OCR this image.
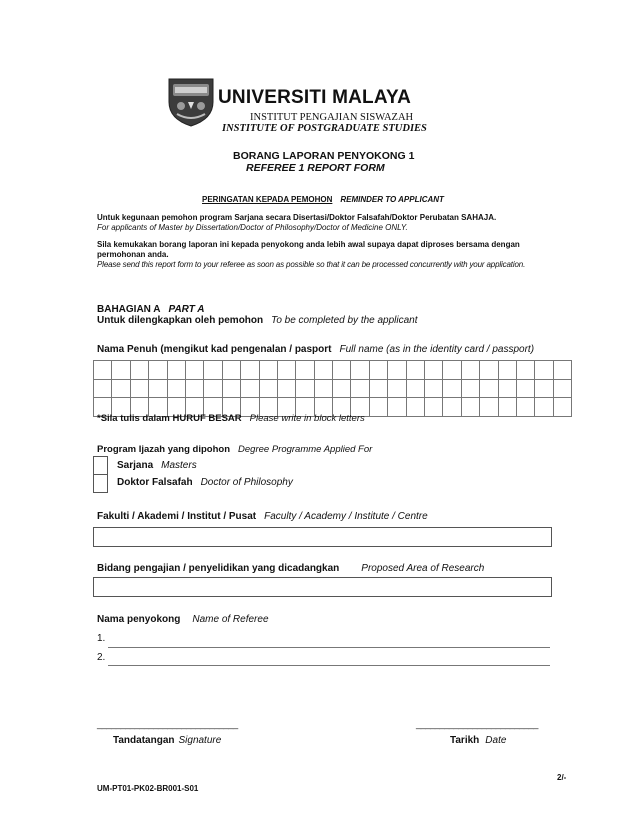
UNIVERSITI MALAYA
INSTITUT PENGAJIAN SISWAZAH
INSTITUTE OF POSTGRADUATE STUDIES
BORANG LAPORAN PENYOKONG 1
REFEREE 1 REPORT FORM
PERINGATAN KEPADA PEMOHON REMINDER TO APPLICANT
Untuk kegunaan pemohon program Sarjana secara Disertasi/Doktor Falsafah/Doktor Perubatan SAHAJA.
For applicants of Master by Dissertation/Doctor of Philosophy/Doctor of Medicine ONLY.
Sila kemukakan borang laporan ini kepada penyokong anda lebih awal supaya dapat diproses bersama dengan
permohonan anda.
Please send this report form to your referee as soon as possible so that it can be processed concurrently with your application.
BAHAGIAN A PART A
Untuk dilengkapkan oleh pemohon To be completed by the applicant
Nama Penuh (mengikut kad pengenalan / pasport Full name (as in the identity card / passport)

*Sila tulis dalam HURUF BESAR Please write in block letters
Program Ijazah yang dipohon Degree Programme Applied For
Sarjana Masters
Doktor Falsafah Doctor of Philosophy
Fakulti / Akademi / Institut / Pusat Faculty / Academy / Institute / Centre
Bidang pengajian / penyelidikan yang dicadangkan Proposed Area of Research
Nama penyokong Name of Referee
1.
2.
______________________________	__________________________
Tandatangan Signature	Tarikh Date
2/-
UM-PT01-PK02-BR001-S01
